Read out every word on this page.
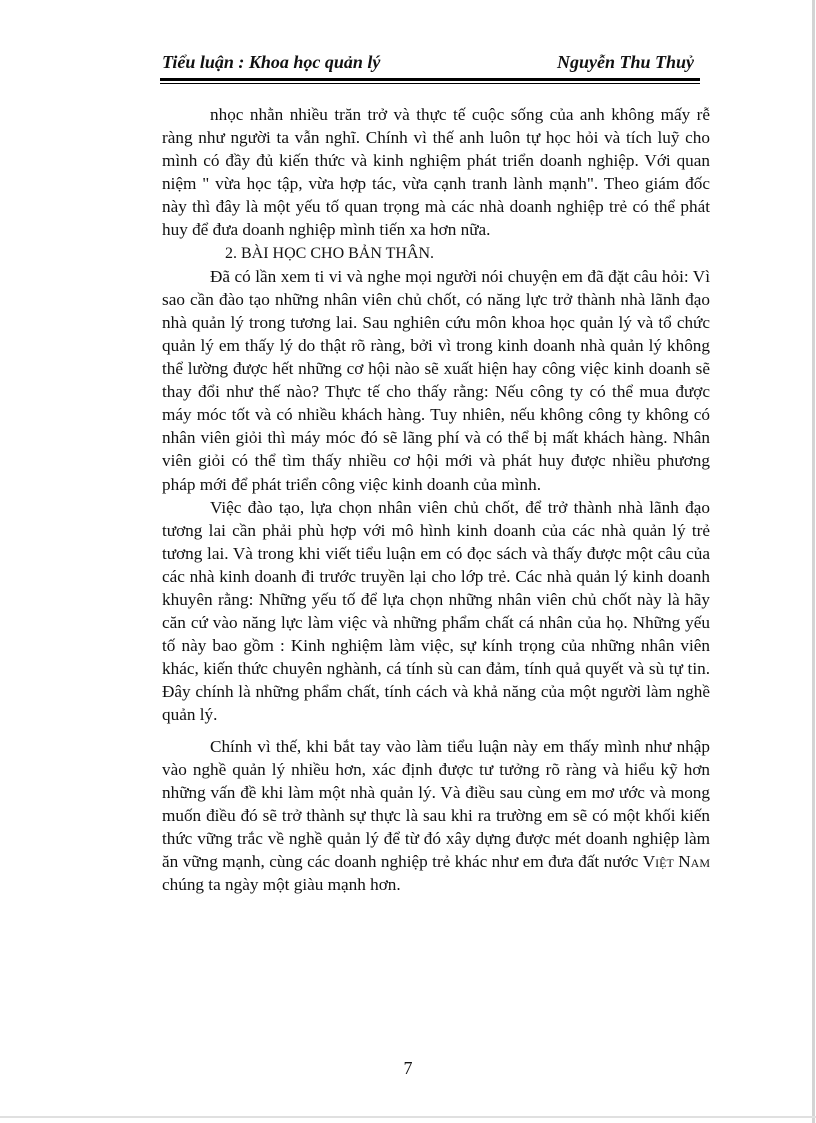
Tiểu luận : Khoa học quản lý	Nguyễn Thu Thuỷ

nhọc nhằn nhiều trăn trở và thực tế cuộc sống của anh không mấy rễ ràng như người ta vẫn nghĩ. Chính vì thế anh luôn tự học hỏi và tích luỹ cho mình có đầy đủ kiến thức và kinh nghiệm phát triển doanh nghiệp. Với quan niệm " vừa học tập, vừa hợp tác, vừa cạnh tranh lành mạnh". Theo giám đốc này thì đây là một yếu tố quan trọng mà các nhà doanh nghiệp trẻ có thể phát huy để đưa doanh nghiệp mình tiến xa hơn nữa.

2. BÀI HỌC CHO BẢN THÂN.

Đã có lần xem ti vi và nghe mọi người nói chuyện em đã đặt câu hỏi: Vì sao cần đào tạo những nhân viên chủ chốt, có năng lực trở thành nhà lãnh đạo nhà quản lý trong tương lai. Sau nghiên cứu môn khoa học quản lý và tổ chức quản lý em thấy lý do thật rõ ràng, bởi vì trong kinh doanh nhà quản lý không thể lường được hết những cơ hội nào sẽ xuất hiện hay công việc kinh doanh sẽ thay đổi như thế nào? Thực tế cho thấy rằng: Nếu công ty có thể mua được máy móc tốt và có nhiều khách hàng. Tuy nhiên, nếu không công ty không có nhân viên giỏi thì máy móc đó sẽ lãng phí và có thể bị mất khách hàng. Nhân viên giỏi có thể tìm thấy nhiều cơ hội mới và phát huy được nhiều phương pháp mới để phát triển công việc kinh doanh của mình.

Việc đào tạo, lựa chọn nhân viên chủ chốt, để trở thành nhà lãnh đạo tương lai cần phải phù hợp với mô hình kinh doanh của các nhà quản lý trẻ tương lai. Và trong khi viết tiểu luận em có đọc sách và thấy được một câu của các nhà kinh doanh đi trước truyền lại cho lớp trẻ. Các nhà quản lý kinh doanh khuyên rằng: Những yếu tố để lựa chọn những nhân viên chủ chốt này là hãy căn cứ vào năng lực làm việc và những phẩm chất cá nhân của họ. Những yếu tố này bao gồm : Kinh nghiệm làm việc, sự kính trọng của những nhân viên khác, kiến thức chuyên nghành, cá tính sù can đảm, tính quả quyết và sù tự tin. Đây chính là những phẩm chất, tính cách và khả năng của một người làm nghề quản lý.

Chính vì thế, khi bắt tay vào làm tiểu luận này em thấy mình như nhập vào nghề quản lý nhiều hơn, xác định được tư tưởng rõ ràng và hiểu kỹ hơn những vấn đề khi làm một nhà quản lý. Và điều sau cùng em mơ ước và mong muốn điều đó sẽ trở thành sự thực là sau khi ra trường em sẽ có một khối kiến thức vững trắc về nghề quản lý để từ đó xây dựng được mét doanh nghiệp làm ăn vững mạnh, cùng các doanh nghiệp trẻ khác như em đưa đất nước Việt Nam chúng ta ngày một giàu mạnh hơn.

7
